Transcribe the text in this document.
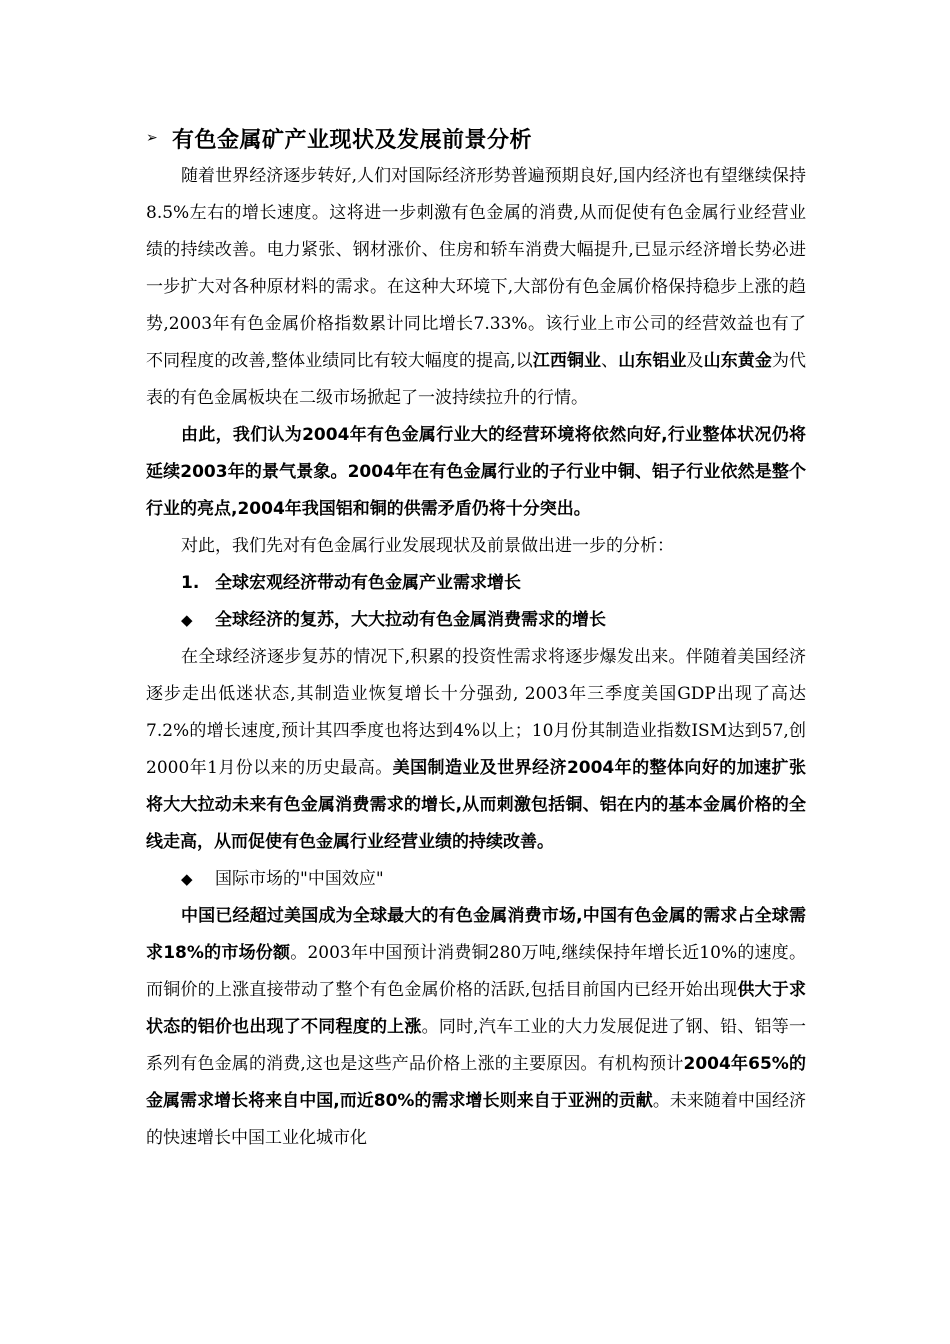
➢ 有色金属矿产业现状及发展前景分析

随着世界经济逐步转好,人们对国际经济形势普遍预期良好,国内经济也有望继续保持8.5%左右的增长速度。这将进一步刺激有色金属的消费,从而促使有色金属行业经营业绩的持续改善。电力紧张、钢材涨价、住房和轿车消费大幅提升,已显示经济增长势必进一步扩大对各种原材料的需求。在这种大环境下,大部份有色金属价格保持稳步上涨的趋势,2003年有色金属价格指数累计同比增长7.33%。该行业上市公司的经营效益也有了不同程度的改善,整体业绩同比有较大幅度的提高,以江西铜业、山东铝业及山东黄金为代表的有色金属板块在二级市场掀起了一波持续拉升的行情。

由此，我们认为2004年有色金属行业大的经营环境将依然向好,行业整体状况仍将延续2003年的景气景象。2004年在有色金属行业的子行业中铜、铝子行业依然是整个行业的亮点,2004年我国铝和铜的供需矛盾仍将十分突出。

对此，我们先对有色金属行业发展现状及前景做出进一步的分析：

1. 全球宏观经济带动有色金属产业需求增长

◆ 全球经济的复苏，大大拉动有色金属消费需求的增长

在全球经济逐步复苏的情况下,积累的投资性需求将逐步爆发出来。伴随着美国经济逐步走出低迷状态,其制造业恢复增长十分强劲, 2003年三季度美国GDP出现了高达7.2%的增长速度,预计其四季度也将达到4%以上；10月份其制造业指数ISM达到57,创2000年1月份以来的历史最高。美国制造业及世界经济2004年的整体向好的加速扩张将大大拉动未来有色金属消费需求的增长,从而刺激包括铜、铝在内的基本金属价格的全线走高，从而促使有色金属行业经营业绩的持续改善。

◆ 国际市场的"中国效应"

中国已经超过美国成为全球最大的有色金属消费市场,中国有色金属的需求占全球需求18%的市场份额。2003年中国预计消费铜280万吨,继续保持年增长近10%的速度。而铜价的上涨直接带动了整个有色金属价格的活跃,包括目前国内已经开始出现供大于求状态的铝价也出现了不同程度的上涨。同时,汽车工业的大力发展促进了钢、铅、铝等一系列有色金属的消费,这也是这些产品价格上涨的主要原因。有机构预计2004年65%的金属需求增长将来自中国,而近80%的需求增长则来自于亚洲的贡献。未来随着中国经济的快速增长中国工业化城市化
